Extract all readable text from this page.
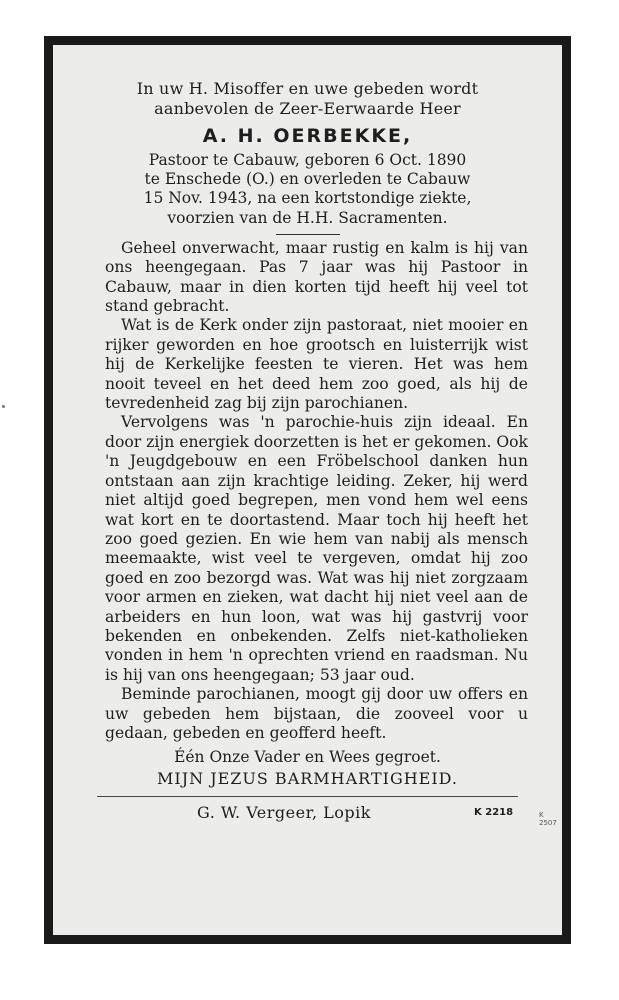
In uw H. Misoffer en uwe gebeden wordt
aanbevolen de Zeer-Eerwaarde Heer
A. H. OERBEKKE,
Pastoor te Cabauw, geboren 6 Oct. 1890
te Enschede (O.) en overleden te Cabauw
15 Nov. 1943, na een kortstondige ziekte,
voorzien van de H.H. Sacramenten.

Geheel onverwacht, maar rustig en kalm is hij van ons heengegaan. Pas 7 jaar was hij Pastoor in Cabauw, maar in dien korten tijd heeft hij veel tot stand gebracht.

Wat is de Kerk onder zijn pastoraat, niet mooier en rijker geworden en hoe grootsch en luisterrijk wist hij de Kerkelijke feesten te vieren. Het was hem nooit teveel en het deed hem zoo goed, als hij de tevredenheid zag bij zijn parochianen.

Vervolgens was 'n parochie-huis zijn ideaal. En door zijn energiek doorzetten is het er gekomen. Ook 'n Jeugdgebouw en een Fröbelschool danken hun ontstaan aan zijn krachtige leiding. Zeker, hij werd niet altijd goed begrepen, men vond hem wel eens wat kort en te doortastend. Maar toch hij heeft het zoo goed gezien. En wie hem van nabij als mensch meemaakte, wist veel te vergeven, omdat hij zoo goed en zoo bezorgd was. Wat was hij niet zorgzaam voor armen en zieken, wat dacht hij niet veel aan de arbeiders en hun loon, wat was hij gastvrij voor bekenden en onbekenden. Zelfs niet-katholieken vonden in hem 'n oprechten vriend en raadsman. Nu is hij van ons heengegaan; 53 jaar oud.

Beminde parochianen, moogt gij door uw offers en uw gebeden hem bijstaan, die zooveel voor u gedaan, gebeden en geofferd heeft.

Één Onze Vader en Wees gegroet.
MIJN JEZUS BARMHARTIGHEID.
G. W. Vergeer, Lopik	K 2218	K 2507
